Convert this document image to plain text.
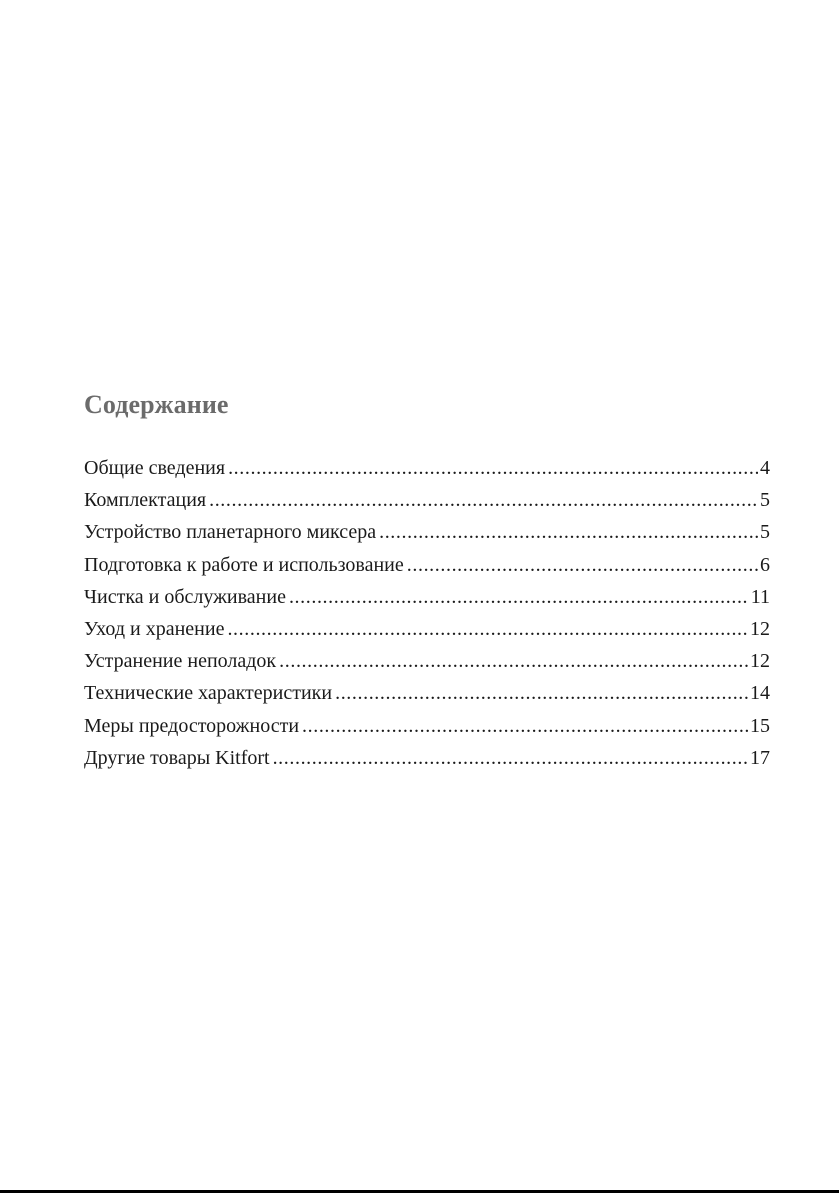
Содержание
Общие сведения .....	4
Комплектация .....	5
Устройство планетарного миксера .....	5
Подготовка к работе и использование .....	6
Чистка и обслуживание .....	11
Уход и хранение .....	12
Устранение неполадок .....	12
Технические характеристики .....	14
Меры предосторожности .....	15
Другие товары Kitfort .....	17
